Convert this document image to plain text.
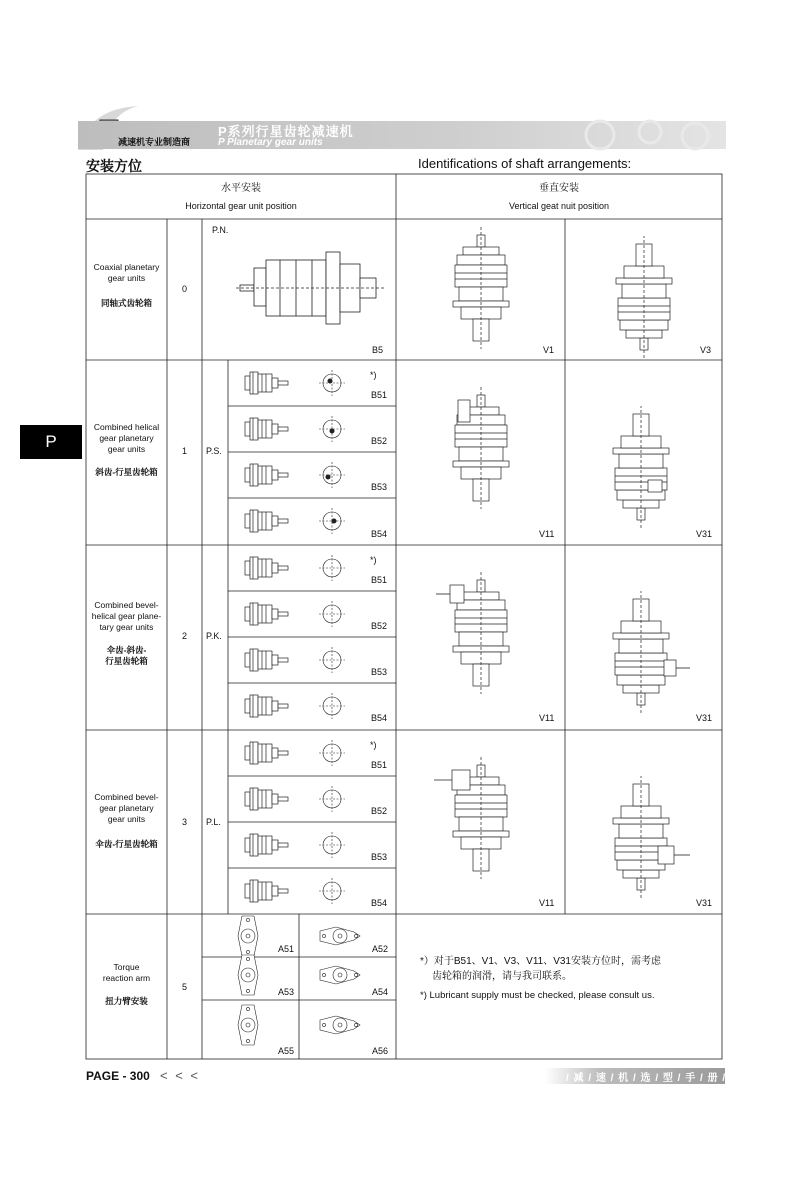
减速机专业制造商
P系列行星齿轮减速机
P Planetary gear units
安装方位	Identifications of shaft arrangements:
P
水平安装
Horizontal gear unit position
垂直安装
Vertical geat nuit position
Coaxial planetary
gear units
同轴式齿轮箱
0
P.N.
B5	V1	V3
Combined helical
gear planetary
gear units
斜齿-行星齿轮箱
1	P.S.
*)
B51
B52
B53
B54	V11	V31
Combined bevel-
helical gear plane-
tary gear units
伞齿-斜齿-
行星齿轮箱
2	P.K.
*)
B51
B52
B53
B54	V11	V31
Combined bevel-
gear planetary
gear units
伞齿-行星齿轮箱
3	P.L.
*)
B51
B52
B53
B54	V11	V31
Torque
reaction arm
扭力臂安装
5
A51	A52
A53	A54
A55	A56
*）对于B51、V1、V3、V11、V31安装方位时，需考虑
齿轮箱的润滑，请与我司联系。
*) Lubricant supply must be checked, please consult us.
PAGE - 300 < < <	/ 减 / 速 / 机 / 选 / 型 / 手 / 册 /
